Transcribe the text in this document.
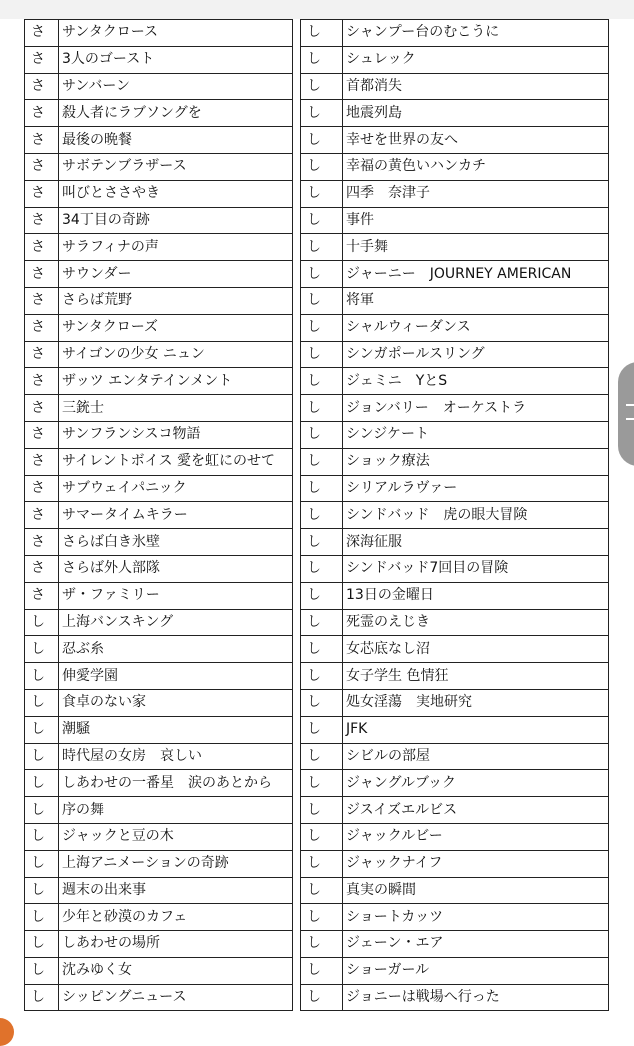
さ	サンタクロース
さ	3人のゴースト
さ	サンバーン
さ	殺人者にラブソングを
さ	最後の晩餐
さ	サボテンブラザース
さ	叫びとささやき
さ	34丁目の奇跡
さ	サラフィナの声
さ	サウンダー
さ	さらば荒野
さ	サンタクローズ
さ	サイゴンの少女 ニュン
さ	ザッツ エンタテインメント
さ	三銃士
さ	サンフランシスコ物語
さ	サイレントボイス 愛を虹にのせて
さ	サブウェイパニック
さ	サマータイムキラー
さ	さらば白き氷壁
さ	さらば外人部隊
さ	ザ・ファミリー
し	上海バンスキング
し	忍ぶ糸
し	伸愛学園
し	食卓のない家
し	潮騒
し	時代屋の女房　哀しい
し	しあわせの一番星　涙のあとから
し	序の舞
し	ジャックと豆の木
し	上海アニメーションの奇跡
し	週末の出来事
し	少年と砂漠のカフェ
し	しあわせの場所
し	沈みゆく女
し	シッピングニュース
し	シャンプー台のむこうに
し	シュレック
し	首都消失
し	地震列島
し	幸せを世界の友へ
し	幸福の黄色いハンカチ
し	四季　奈津子
し	事件
し	十手舞
し	ジャーニー　JOURNEY AMERICAN
し	将軍
し	シャルウィーダンス
し	シンガポールスリング
し	ジェミニ　YとS
し	ジョンバリー　オーケストラ
し	シンジケート
し	ショック療法
し	シリアルラヴァー
し	シンドバッド　虎の眼大冒険
し	深海征服
し	シンドバッド7回目の冒険
し	13日の金曜日
し	死霊のえじき
し	女芯底なし沼
し	女子学生 色情狂
し	処女淫蕩　実地研究
し	JFK
し	シビルの部屋
し	ジャングルブック
し	ジスイズエルビス
し	ジャックルビー
し	ジャックナイフ
し	真実の瞬間
し	ショートカッツ
し	ジェーン・エア
し	ショーガール
し	ジョニーは戦場へ行った
